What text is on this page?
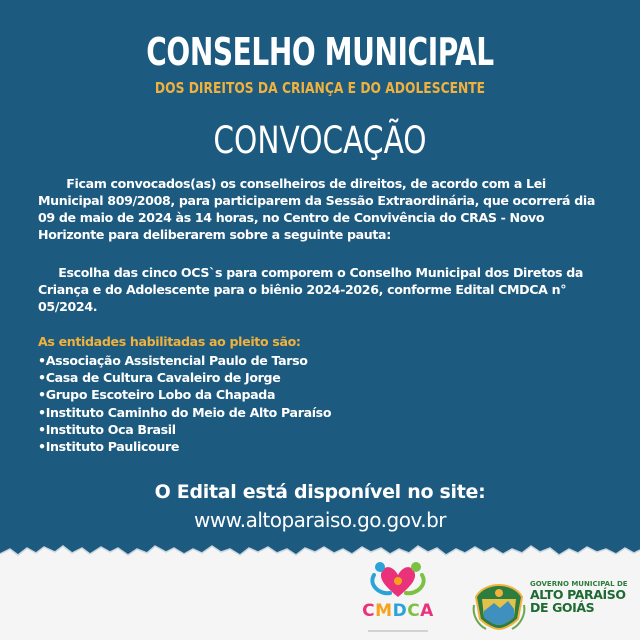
CONSELHO MUNICIPAL
DOS DIREITOS DA CRIANÇA E DO ADOLESCENTE
CONVOCAÇÃO

Ficam convocados(as) os conselheiros de direitos, de acordo com a Lei Municipal 809/2008, para participarem da Sessão Extraordinária, que ocorrerá dia 09 de maio de 2024 às 14 horas, no Centro de Convivência do CRAS - Novo Horizonte para deliberarem sobre a seguinte pauta:

Escolha das cinco OCS`s para comporem o Conselho Municipal dos Diretos da Criança e do Adolescente para o biênio 2024-2026, conforme Edital CMDCA n° 05/2024.

As entidades habilitadas ao pleito são:

• Associação Assistencial Paulo de Tarso
• Casa de Cultura Cavaleiro de Jorge
• Grupo Escoteiro Lobo da Chapada
• Instituto Caminho do Meio de Alto Paraíso
• Instituto Oca Brasil
• Instituto Paulicoure
O Edital está disponível no site:
www.altoparaiso.go.gov.br
CMDCA
GOVERNO MUNICIPAL DE
ALTO PARAÍSO
DE GOIÁS
